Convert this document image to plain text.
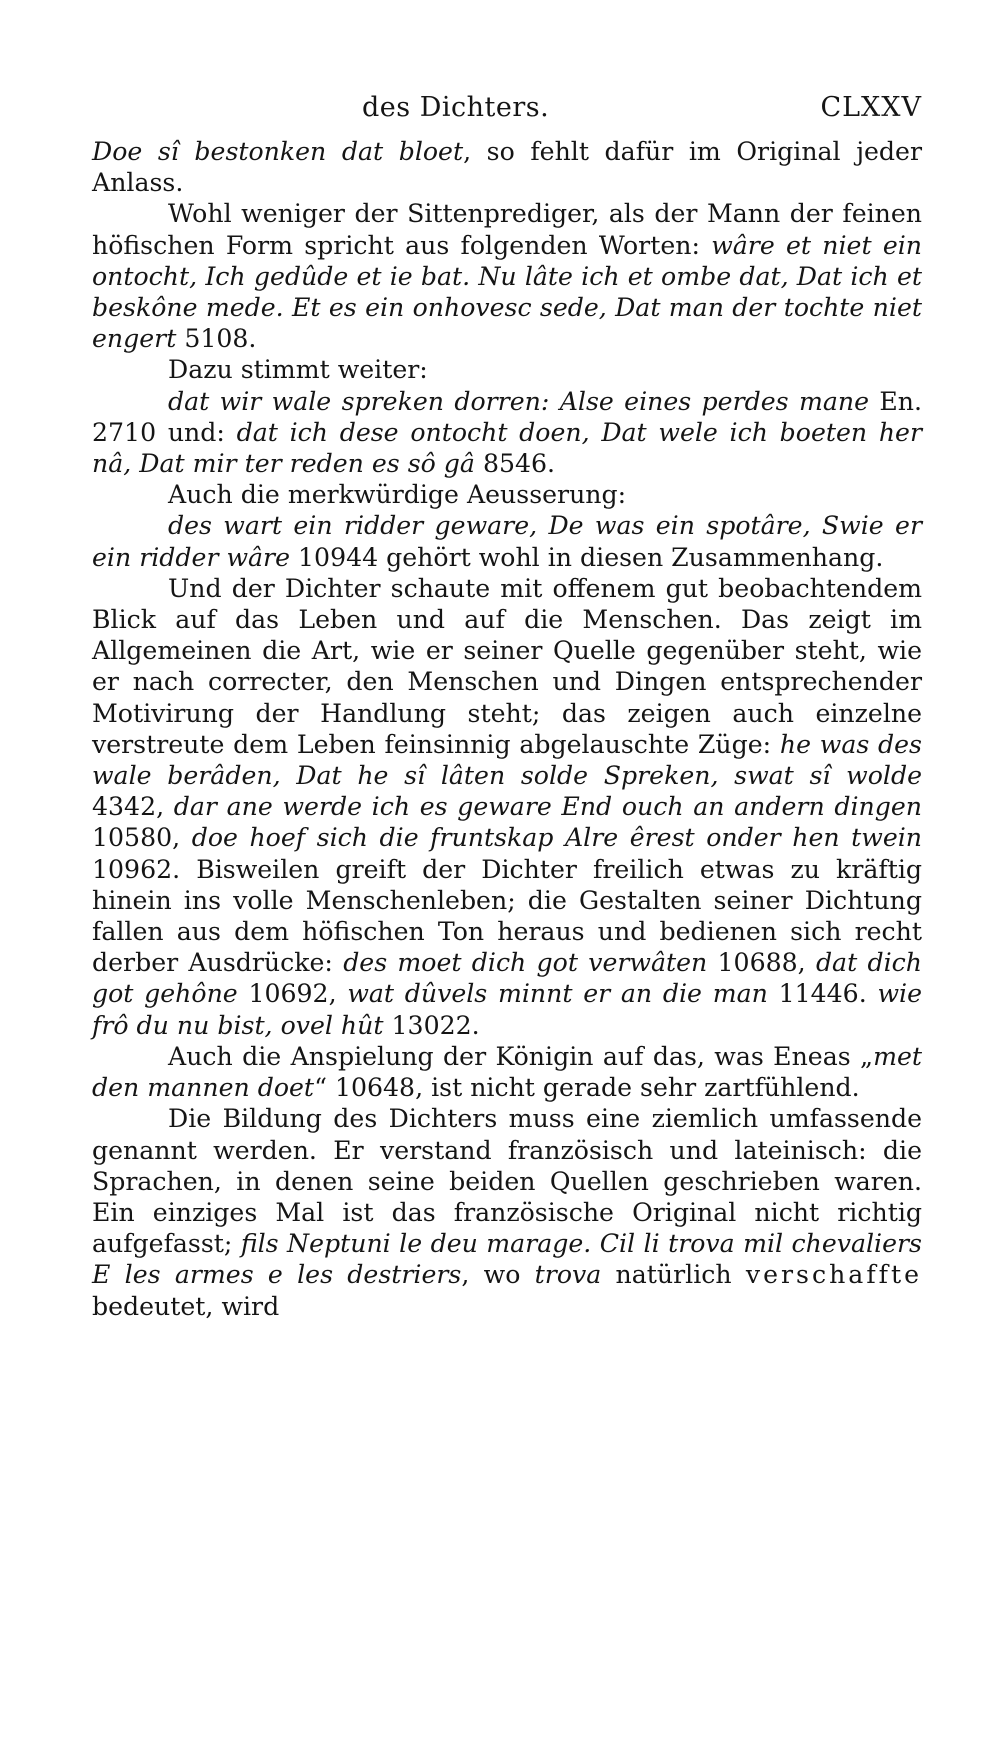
des Dichters.	CLXXV

Doe sî bestonken dat bloet, so fehlt dafür im Original jeder Anlass.

Wohl weniger der Sittenprediger, als der Mann der feinen höfischen Form spricht aus folgenden Worten: wâre et niet ein ontocht, Ich gedûde et ie bat. Nu lâte ich et ombe dat, Dat ich et beskône mede. Et es ein onhovesc sede, Dat man der tochte niet engert 5108.

Dazu stimmt weiter:

dat wir wale spreken dorren: Alse eines perdes mane En. 2710 und: dat ich dese ontocht doen, Dat wele ich boeten her nâ, Dat mir ter reden es sô gâ 8546.

Auch die merkwürdige Aeusserung:

des wart ein ridder geware, De was ein spotâre, Swie er ein ridder wâre 10944 gehört wohl in diesen Zusammenhang.

Und der Dichter schaute mit offenem gut beobachtendem Blick auf das Leben und auf die Menschen. Das zeigt im Allgemeinen die Art, wie er seiner Quelle gegenüber steht, wie er nach correcter, den Menschen und Dingen entsprechender Motivirung der Handlung steht; das zeigen auch einzelne verstreute dem Leben feinsinnig abgelauschte Züge: he was des wale berâden, Dat he sî lâten solde Spreken, swat sî wolde 4342, dar ane werde ich es geware End ouch an andern dingen 10580, doe hoef sich die fruntskap Alre êrest onder hen twein 10962. Bisweilen greift der Dichter freilich etwas zu kräftig hinein ins volle Menschenleben; die Gestalten seiner Dichtung fallen aus dem höfischen Ton heraus und bedienen sich recht derber Ausdrücke: des moet dich got verwâten 10688, dat dich got gehône 10692, wat dûvels minnt er an die man 11446. wie frô du nu bist, ovel hût 13022.

Auch die Anspielung der Königin auf das, was Eneas „met den mannen doet“ 10648, ist nicht gerade sehr zartfühlend.

Die Bildung des Dichters muss eine ziemlich umfassende genannt werden. Er verstand französisch und lateinisch: die Sprachen, in denen seine beiden Quellen geschrieben waren. Ein einziges Mal ist das französische Original nicht richtig aufgefasst; fils Neptuni le deu marage. Cil li trova mil chevaliers E les armes e les destriers, wo trova natürlich verschaffte bedeutet, wird
